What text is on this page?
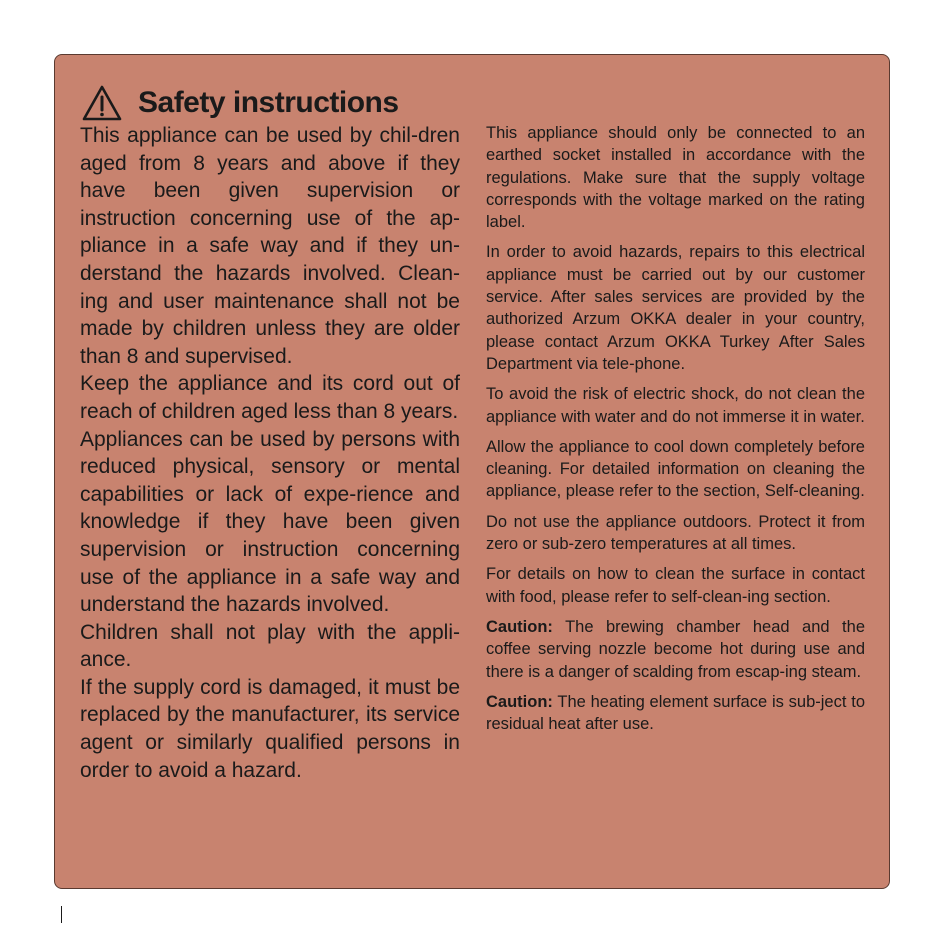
Safety instructions

This appliance can be used by chil-dren aged from 8 years and above if they have been given supervision or instruction concerning use of the ap-pliance in a safe way and if they un-derstand the hazards involved. Clean-ing and user maintenance shall not be made by children unless they are older than 8 and supervised.

Keep the appliance and its cord out of reach of children aged less than 8 years.

Appliances can be used by persons with reduced physical, sensory or mental capabilities or lack of expe-rience and knowledge if they have been given supervision or instruction concerning use of the appliance in a safe way and understand the hazards involved.

Children shall not play with the appli-ance.

If the supply cord is damaged, it must be replaced by the manufacturer, its service agent or similarly qualified persons in order to avoid a hazard.

This appliance should only be connected to an earthed socket installed in accordance with the regulations. Make sure that the supply voltage corresponds with the voltage marked on the rating label.

In order to avoid hazards, repairs to this electrical appliance must be carried out by our customer service. After sales services are provided by the authorized Arzum OKKA dealer in your country, please contact Arzum OKKA Turkey After Sales Department via tele-phone.

To avoid the risk of electric shock, do not clean the appliance with water and do not immerse it in water.

Allow the appliance to cool down completely before cleaning. For detailed information on cleaning the appliance, please refer to the section, Self-cleaning.

Do not use the appliance outdoors. Protect it from zero or sub-zero temperatures at all times.

For details on how to clean the surface in contact with food, please refer to self-clean-ing section.

Caution: The brewing chamber head and the coffee serving nozzle become hot during use and there is a danger of scalding from escap-ing steam.

Caution: The heating element surface is sub-ject to residual heat after use.
